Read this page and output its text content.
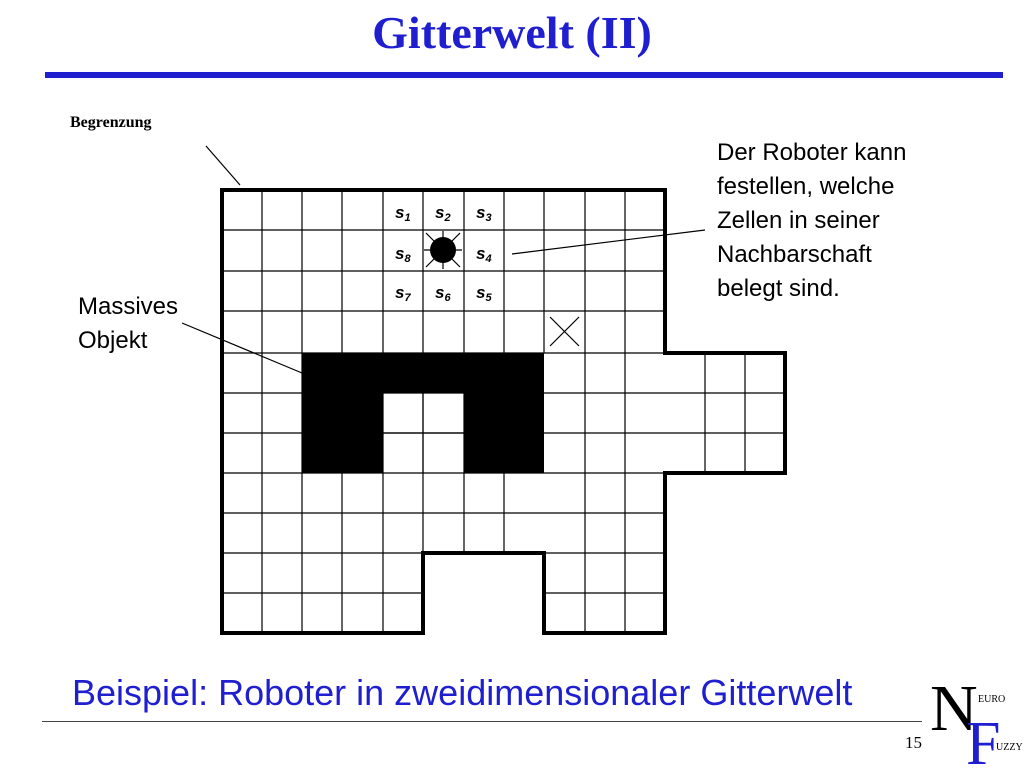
Gitterwelt (II)
Begrenzung
Massives
Objekt
Der Roboter kann
festellen, welche
Zellen in seiner
Nachbarschaft
belegt sind.
s1 s2 s3
s4
s5
s6
s7
s8
Beispiel: Roboter in zweidimensionaler Gitterwelt
15 N
F
EURO
UZZY
